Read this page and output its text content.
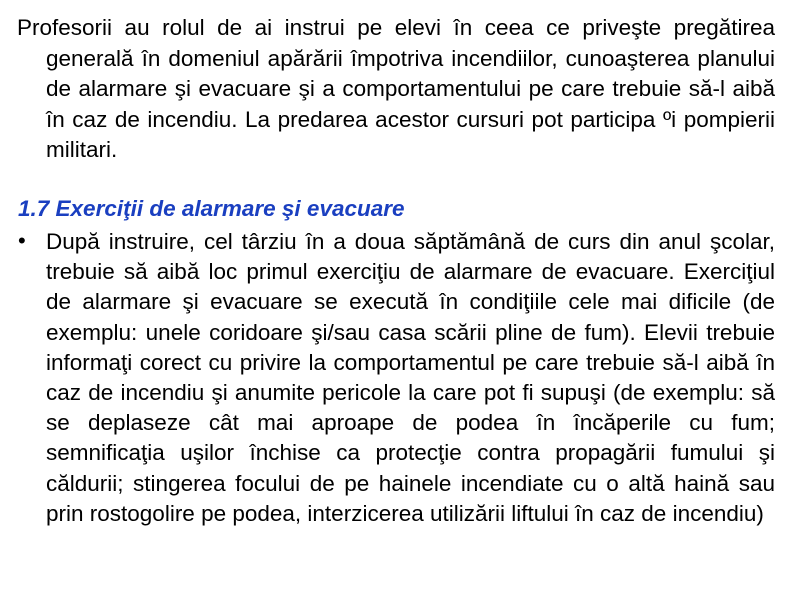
Profesorii au rolul de ai instrui pe elevi în ceea ce priveşte pregătirea generală în domeniul apărării împotriva incendiilor, cunoaşterea planului de alarmare şi evacuare şi a comportamentului pe care trebuie să-l aibă în caz de incendiu. La predarea acestor cursuri pot participa ºi pompierii militari.

1.7 Exerciţii de alarmare şi evacuare
• După instruire, cel târziu în a doua săptămână de curs din anul şcolar, trebuie să aibă loc primul exerciţiu de alarmare de evacuare. Exerciţiul de alarmare şi evacuare se execută în condiţiile cele mai dificile (de exemplu: unele coridoare şi/sau casa scării pline de fum). Elevii trebuie informaţi corect cu privire la comportamentul pe care trebuie să-l aibă în caz de incendiu şi anumite pericole la care pot fi supuşi (de exemplu: să se deplaseze cât mai aproape de podea în încăperile cu fum; semnificaţia uşilor închise ca protecţie contra propagării fumului şi căldurii; stingerea focului de pe hainele incendiate cu o altă haină sau prin rostogolire pe podea, interzicerea utilizării liftului în caz de incendiu)
